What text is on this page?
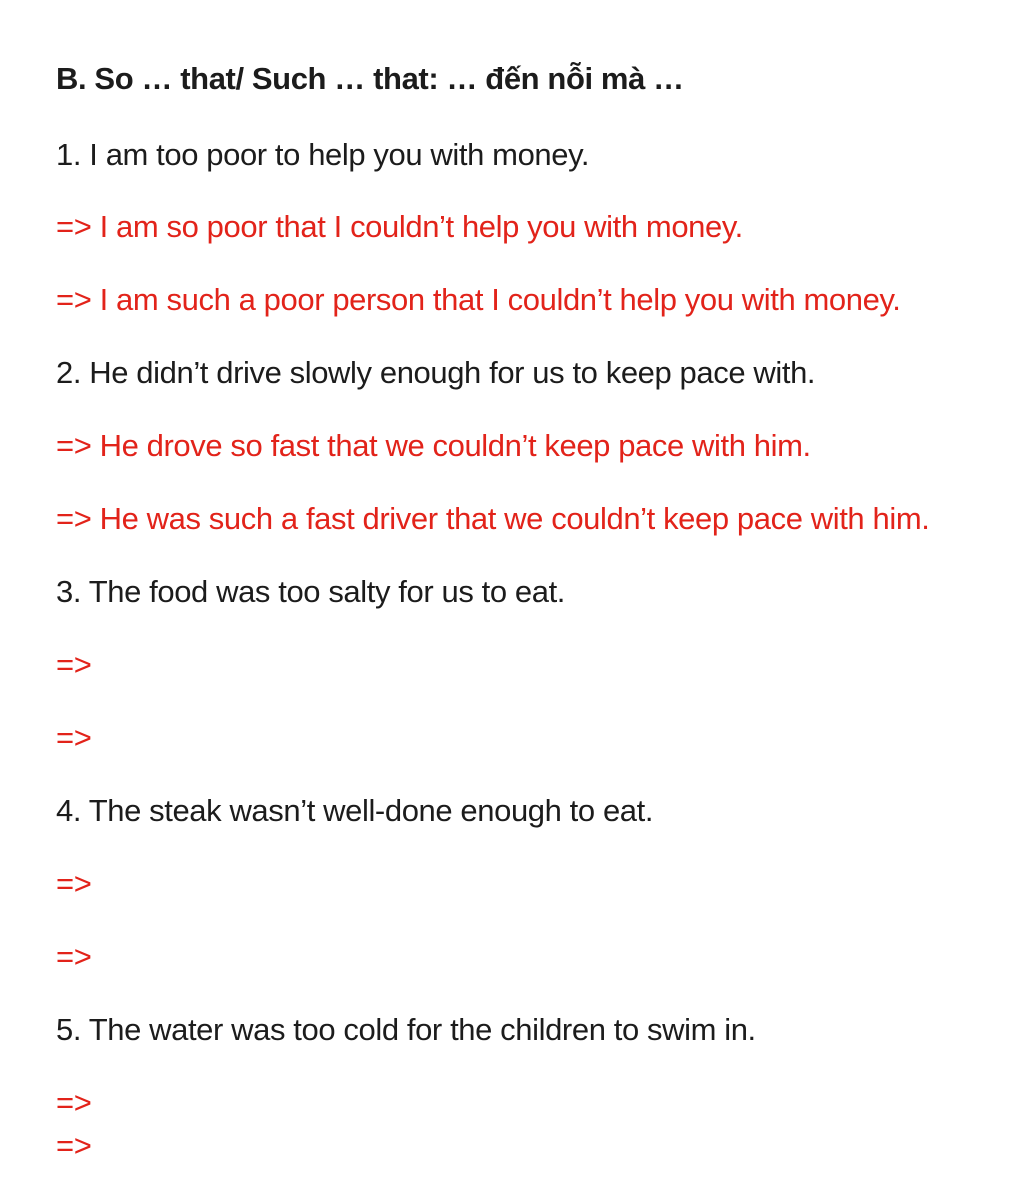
B. So … that/ Such … that: … đến nỗi mà …
1. I am too poor to help you with money.
=> I am so poor that I couldn’t help you with money.
=> I am such a poor person that I couldn’t help you with money.
2. He didn’t drive slowly enough for us to keep pace with.
=> He drove so fast that we couldn’t keep pace with him.
=> He was such a fast driver that we couldn’t keep pace with him.
3. The food was too salty for us to eat.
=>
=>
4. The steak wasn’t well-done enough to eat.
=>
=>
5. The water was too cold for the children to swim in.
=>
=>
